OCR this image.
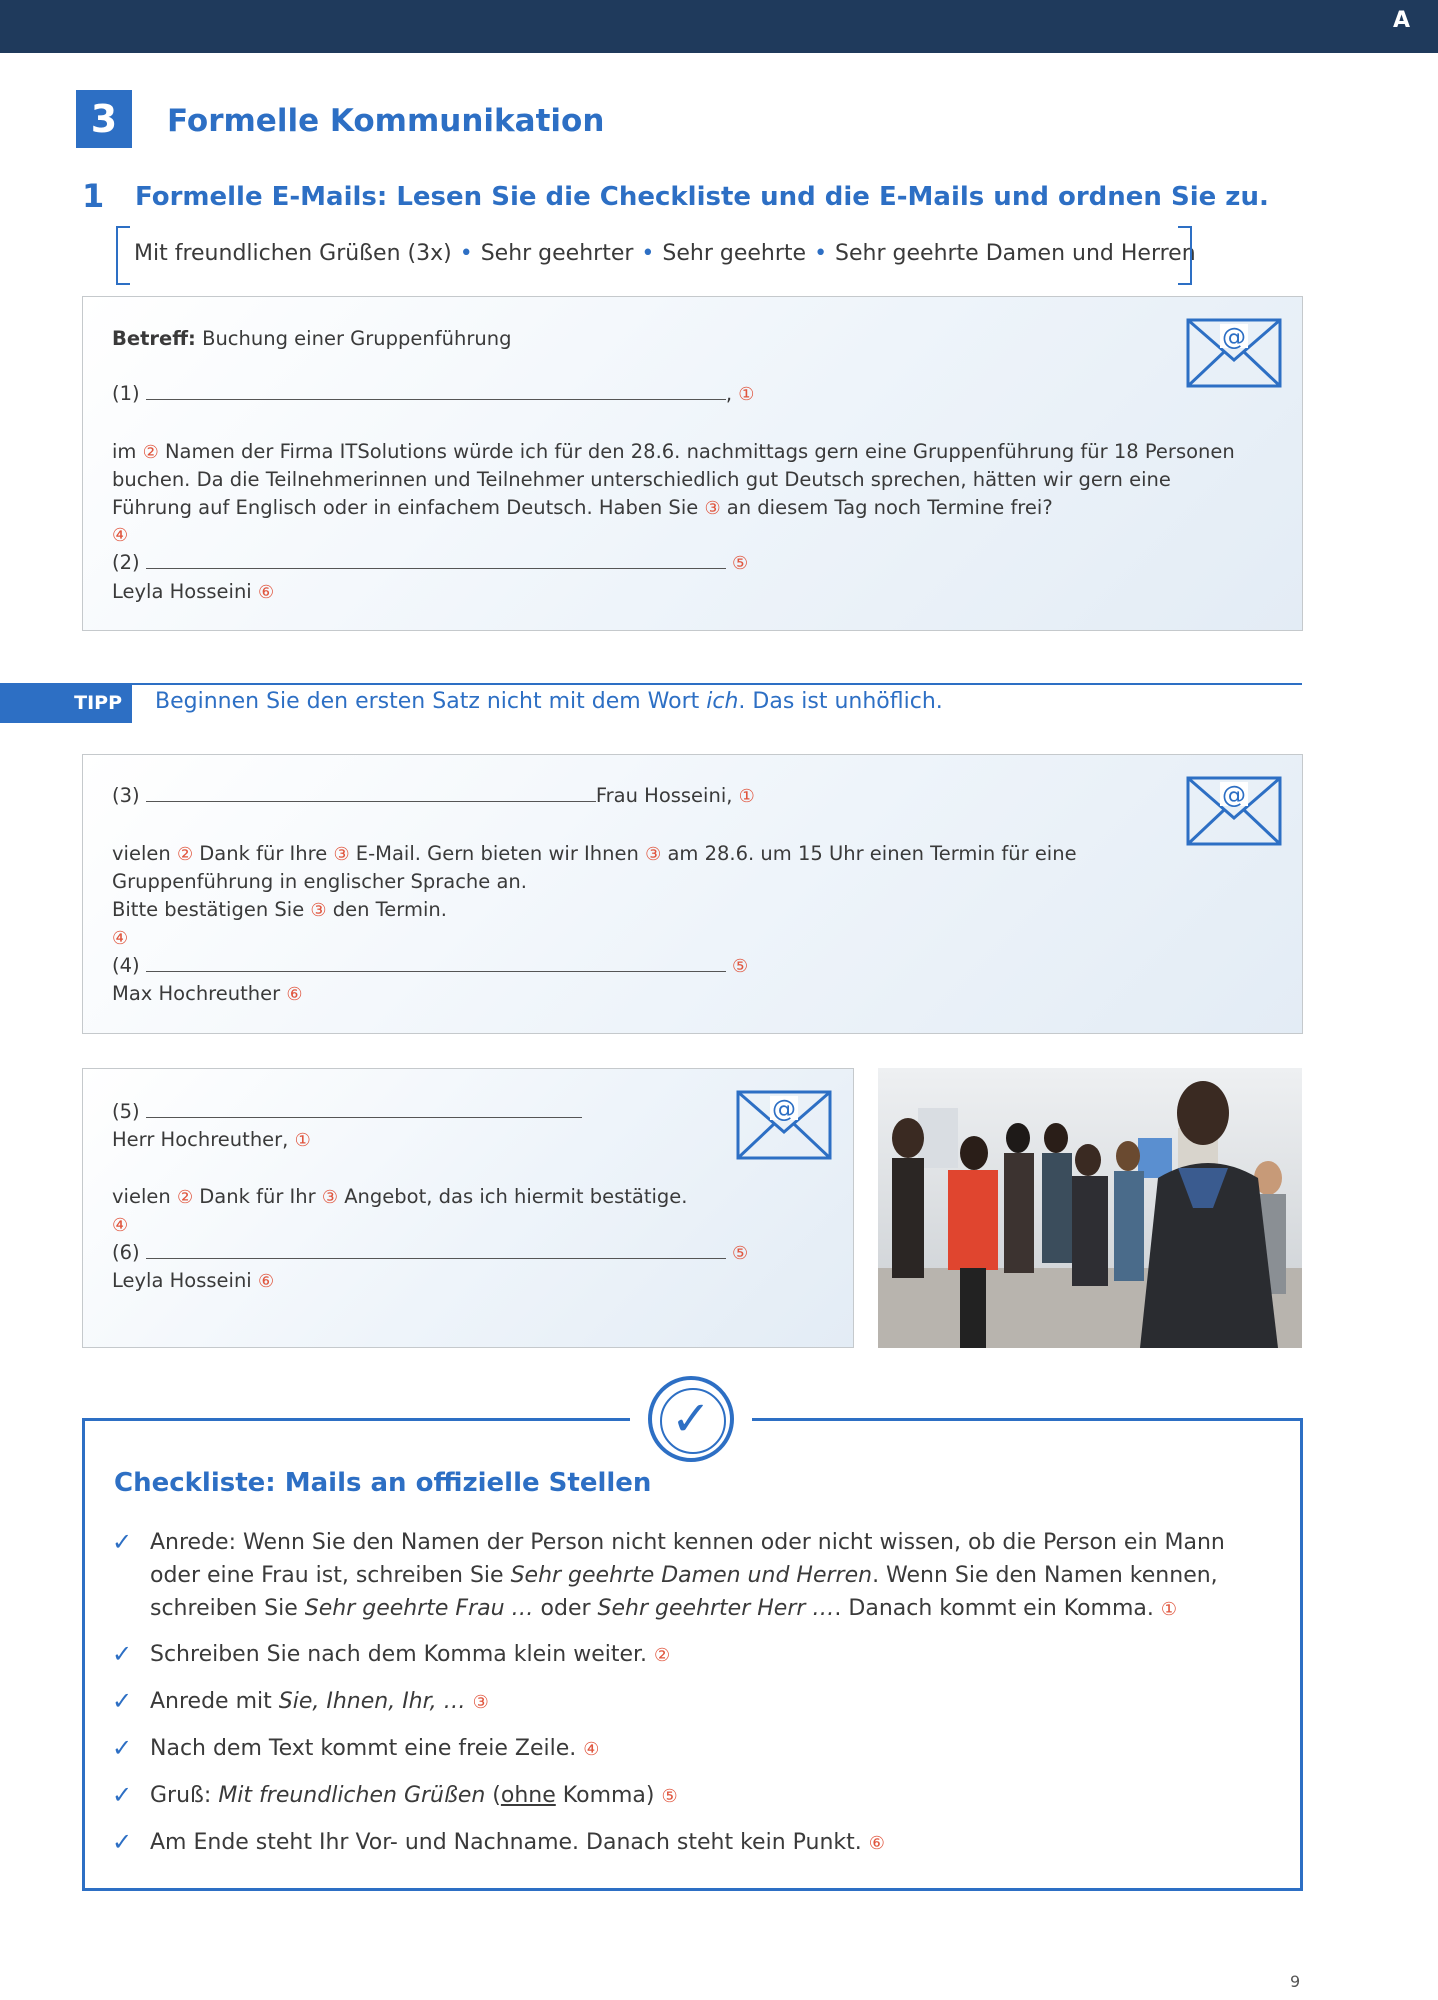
A
3	Formelle Kommunikation
1 Formelle E-Mails: Lesen Sie die Checkliste und die E-Mails und ordnen Sie zu.
Mit freundlichen Grüßen (3x) • Sehr geehrter • Sehr geehrte • Sehr geehrte Damen und Herren
@
Betreff: Buchung einer Gruppenführung
(1)	, ①
im ② Namen der Firma ITSolutions würde ich für den 28.6. nachmittags gern eine Gruppenführung für 18 Personen
buchen. Da die Teilnehmerinnen und Teilnehmer unterschiedlich gut Deutsch sprechen, hätten wir gern eine
Führung auf Englisch oder in einfachem Deutsch. Haben Sie ③ an diesem Tag noch Termine frei?
④
(2)	⑤
Leyla Hosseini ⑥
TIPP	Beginnen Sie den ersten Satz nicht mit dem Wort ich. Das ist unhöflich.
@
(3)	Frau Hosseini, ①
vielen ② Dank für Ihre ③ E-Mail. Gern bieten wir Ihnen ③ am 28.6. um 15 Uhr einen Termin für eine
Gruppenführung in englischer Sprache an.
Bitte bestätigen Sie ③ den Termin.
④
(4)	⑤
Max Hochreuther ⑥
@
(5)
Herr Hochreuther, ①
vielen ② Dank für Ihr ③ Angebot, das ich hiermit bestätige.
④
(6)	⑤
Leyla Hosseini ⑥
✓
Checkliste: Mails an offizielle Stellen
✓ Anrede: Wenn Sie den Namen der Person nicht kennen oder nicht wissen, ob die Person ein Mann
oder eine Frau ist, schreiben Sie Sehr geehrte Damen und Herren. Wenn Sie den Namen kennen,
schreiben Sie Sehr geehrte Frau … oder Sehr geehrter Herr …. Danach kommt ein Komma. ①
✓ Schreiben Sie nach dem Komma klein weiter. ②
✓ Anrede mit Sie, Ihnen, Ihr, … ③
✓ Nach dem Text kommt eine freie Zeile. ④
✓ Gruß: Mit freundlichen Grüßen (ohne Komma) ⑤
✓ Am Ende steht Ihr Vor- und Nachname. Danach steht kein Punkt. ⑥
9
